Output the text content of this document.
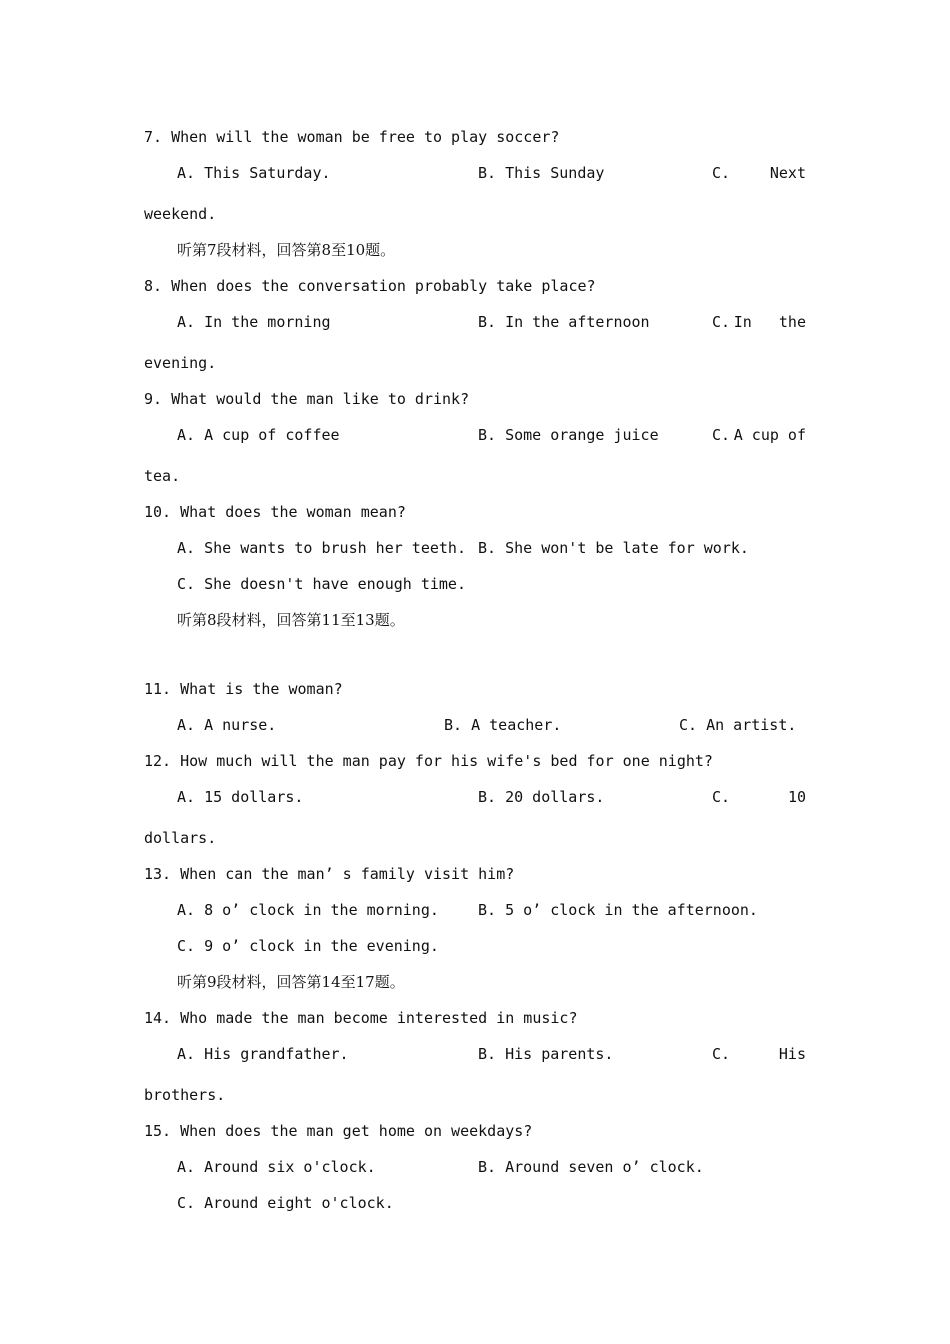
7. When will the woman be free to play soccer?
A. This Saturday.	B. This Sunday	C.	Next
weekend.
听第7段材料，回答第8至10题。
8. When does the conversation probably take place?
A. In the morning	B. In the afternoon	C. In   the
evening.
9. What would the man like to drink?
A. A cup of coffee	B. Some orange juice	C. A cup of
tea.
10. What does the woman mean?
A. She wants to brush her teeth. B. She won't be late for work.
C. She doesn't have enough time.
听第8段材料，回答第11至13题。
11. What is the woman?
A. A nurse.	B. A teacher.	C. An artist.
12. How much will the man pay for his wife's bed for one night?
A. 15 dollars.	B. 20 dollars.	C.	10
dollars.
13. When can the man’ s family visit him?
A. 8 o’ clock in the morning.	B. 5 o’ clock in the afternoon.
C. 9 o’ clock in the evening.
听第9段材料，回答第14至17题。
14. Who made the man become interested in music?
A. His grandfather.	B. His parents.	C.	His
brothers.
15. When does the man get home on weekdays?
A. Around six o'clock.	B. Around seven o’ clock.
C. Around eight o'clock.
